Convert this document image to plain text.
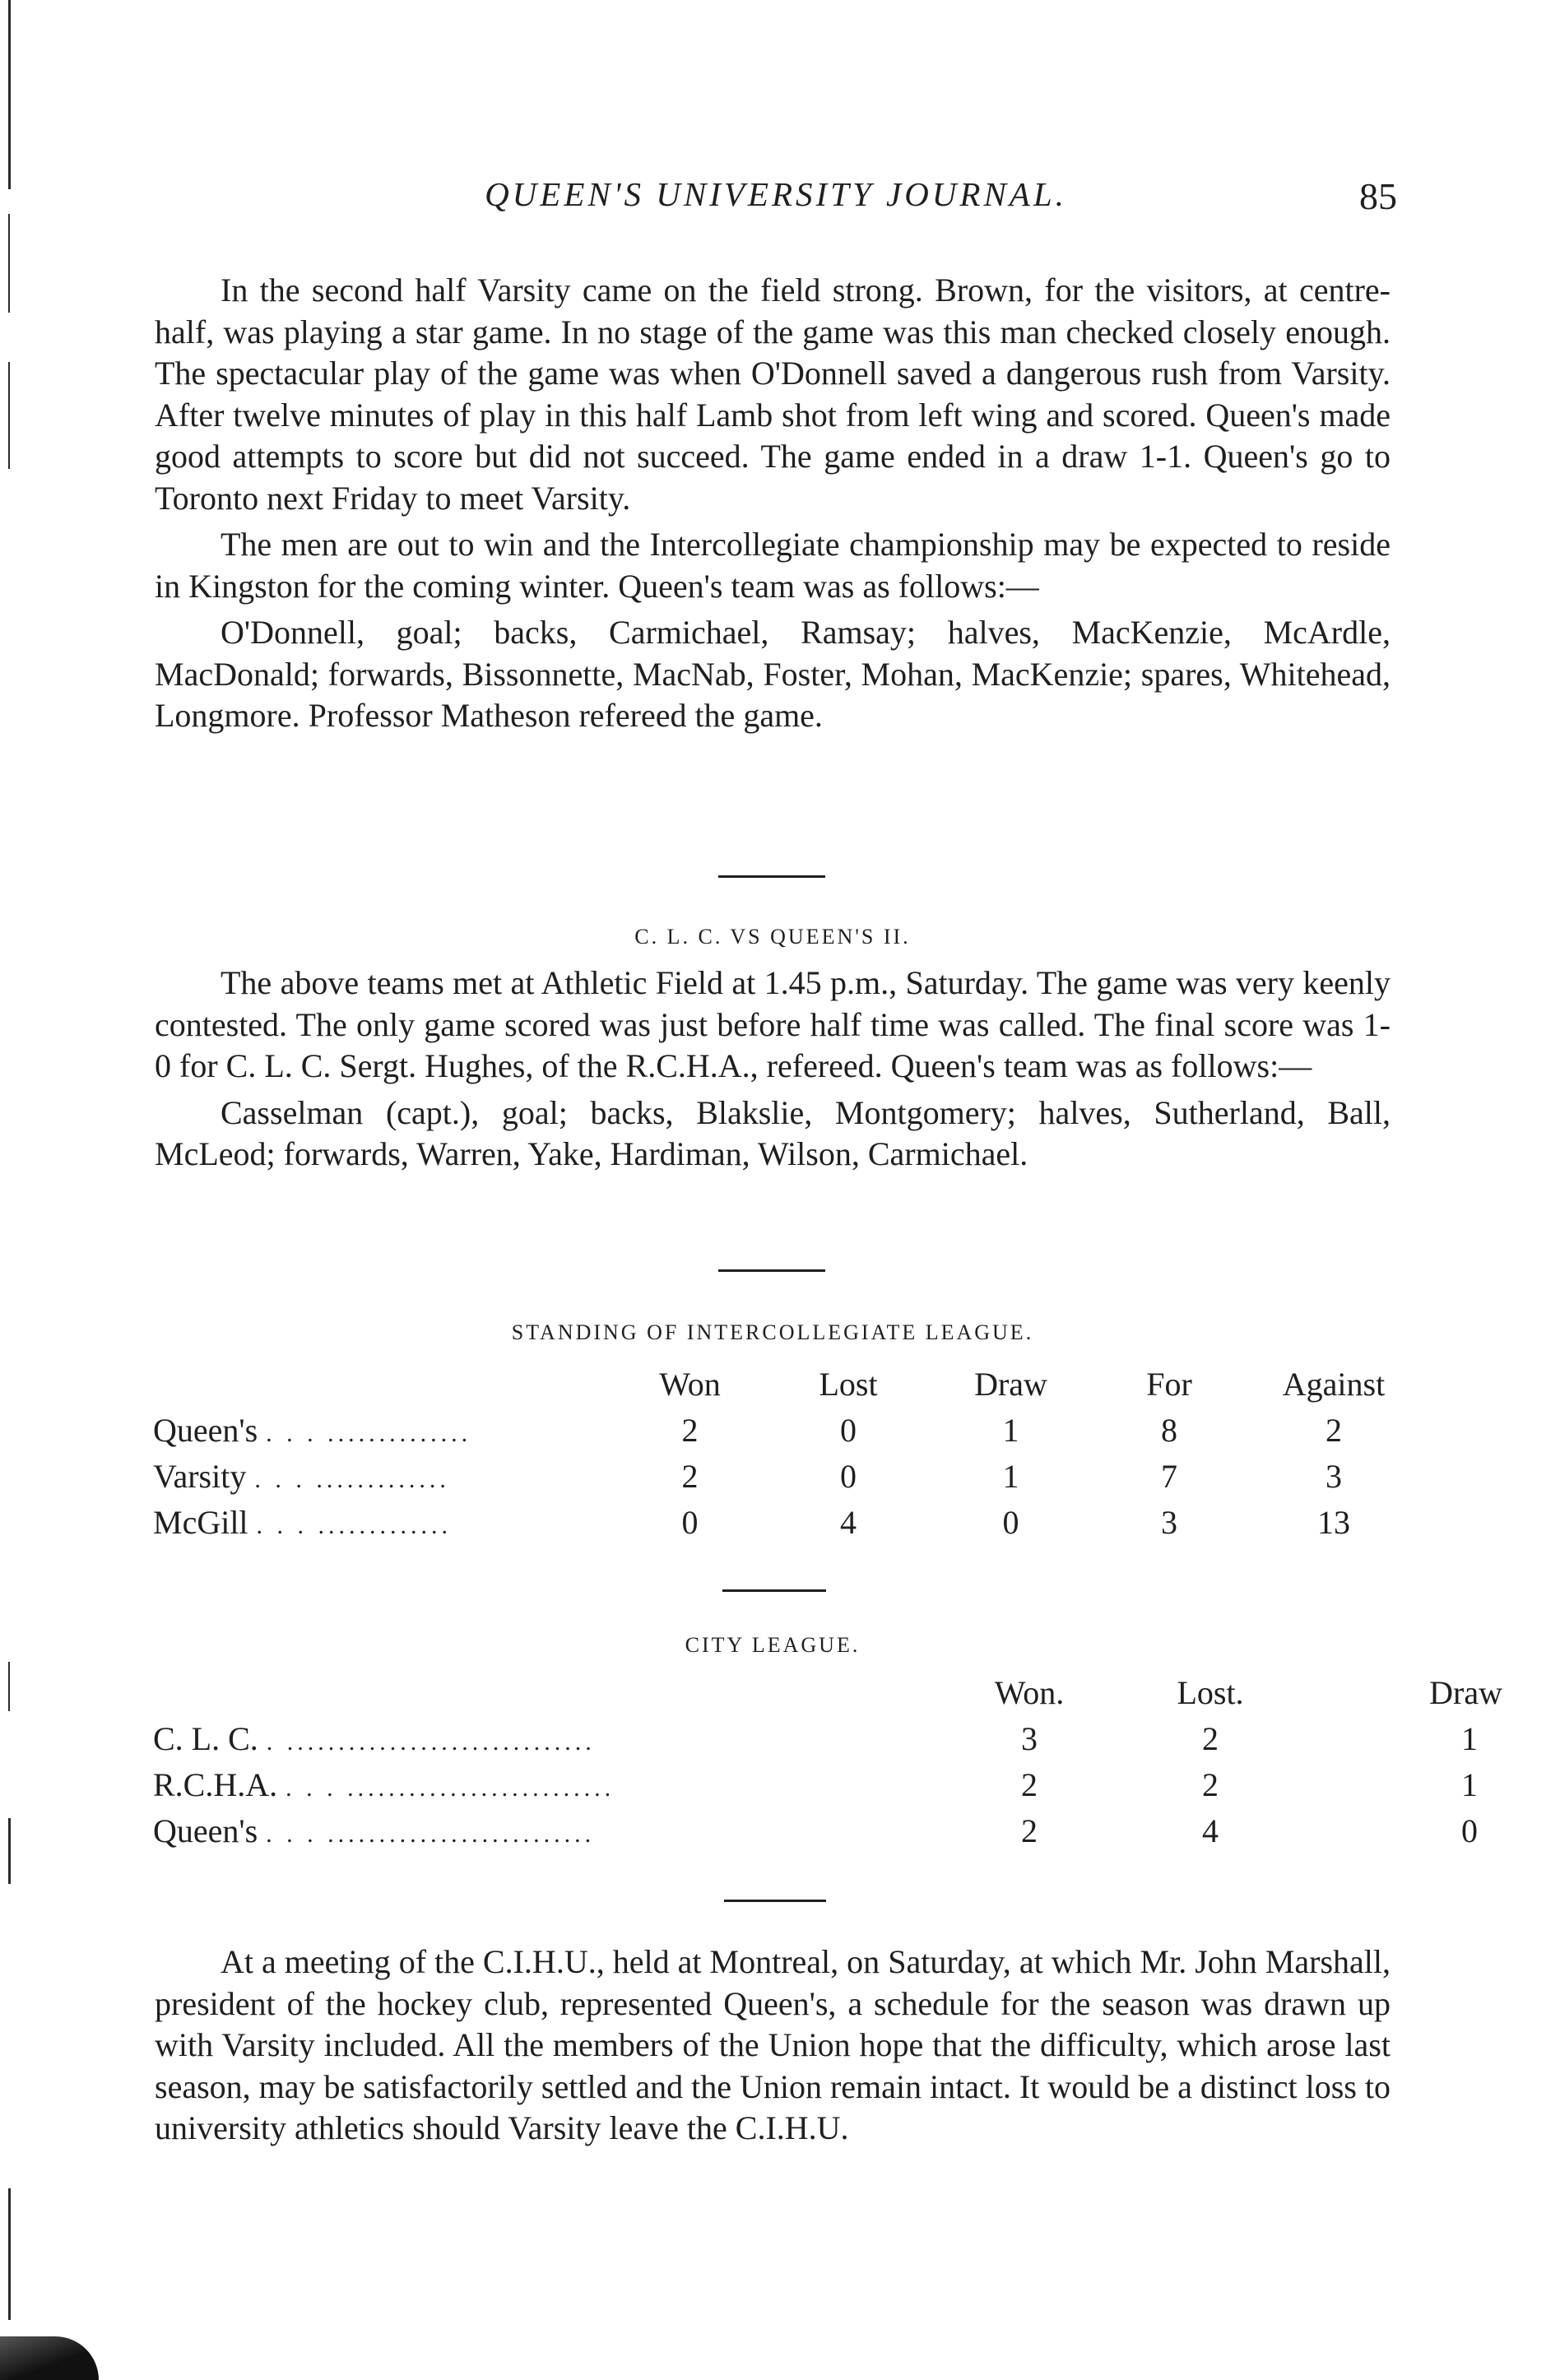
QUEEN'S UNIVERSITY JOURNAL.	85

In the second half Varsity came on the field strong. Brown, for the visitors, at centre-half, was playing a star game. In no stage of the game was this man checked closely enough. The spectacular play of the game was when O'Donnell saved a dangerous rush from Varsity. After twelve minutes of play in this half Lamb shot from left wing and scored. Queen's made good attempts to score but did not succeed. The game ended in a draw 1-1. Queen's go to Toronto next Friday to meet Varsity.

The men are out to win and the Intercollegiate championship may be expected to reside in Kingston for the coming winter. Queen's team was as follows:—

O'Donnell, goal; backs, Carmichael, Ramsay; halves, MacKenzie, McArdle, MacDonald; forwards, Bissonnette, MacNab, Foster, Mohan, MacKenzie; spares, Whitehead, Longmore. Professor Matheson refereed the game.

C. L. C. VS QUEEN'S II.

The above teams met at Athletic Field at 1.45 p.m., Saturday. The game was very keenly contested. The only game scored was just before half time was called. The final score was 1-0 for C. L. C. Sergt. Hughes, of the R.C.H.A., refereed. Queen's team was as follows:—

Casselman (capt.), goal; backs, Blakslie, Montgomery; halves, Sutherland, Ball, McLeod; forwards, Warren, Yake, Hardiman, Wilson, Carmichael.

STANDING OF INTERCOLLEGIATE LEAGUE.
	Won	Lost	Draw	For	Against
Queen's . . . ..............	2	0	1	8	2
Varsity . . . .............	2	0	1	7	3
McGill . . . .............	0	4	0	3	13
CITY LEAGUE.
	Won.	Lost.	Draw
C. L. C. . ..............................	3	2	1
R.C.H.A. . . . ..........................	2	2	1
Queen's . . . ..........................	2	4	0

At a meeting of the C.I.H.U., held at Montreal, on Saturday, at which Mr. John Marshall, president of the hockey club, represented Queen's, a schedule for the season was drawn up with Varsity included. All the members of the Union hope that the difficulty, which arose last season, may be satisfactorily settled and the Union remain intact. It would be a distinct loss to university athletics should Varsity leave the C.I.H.U.
